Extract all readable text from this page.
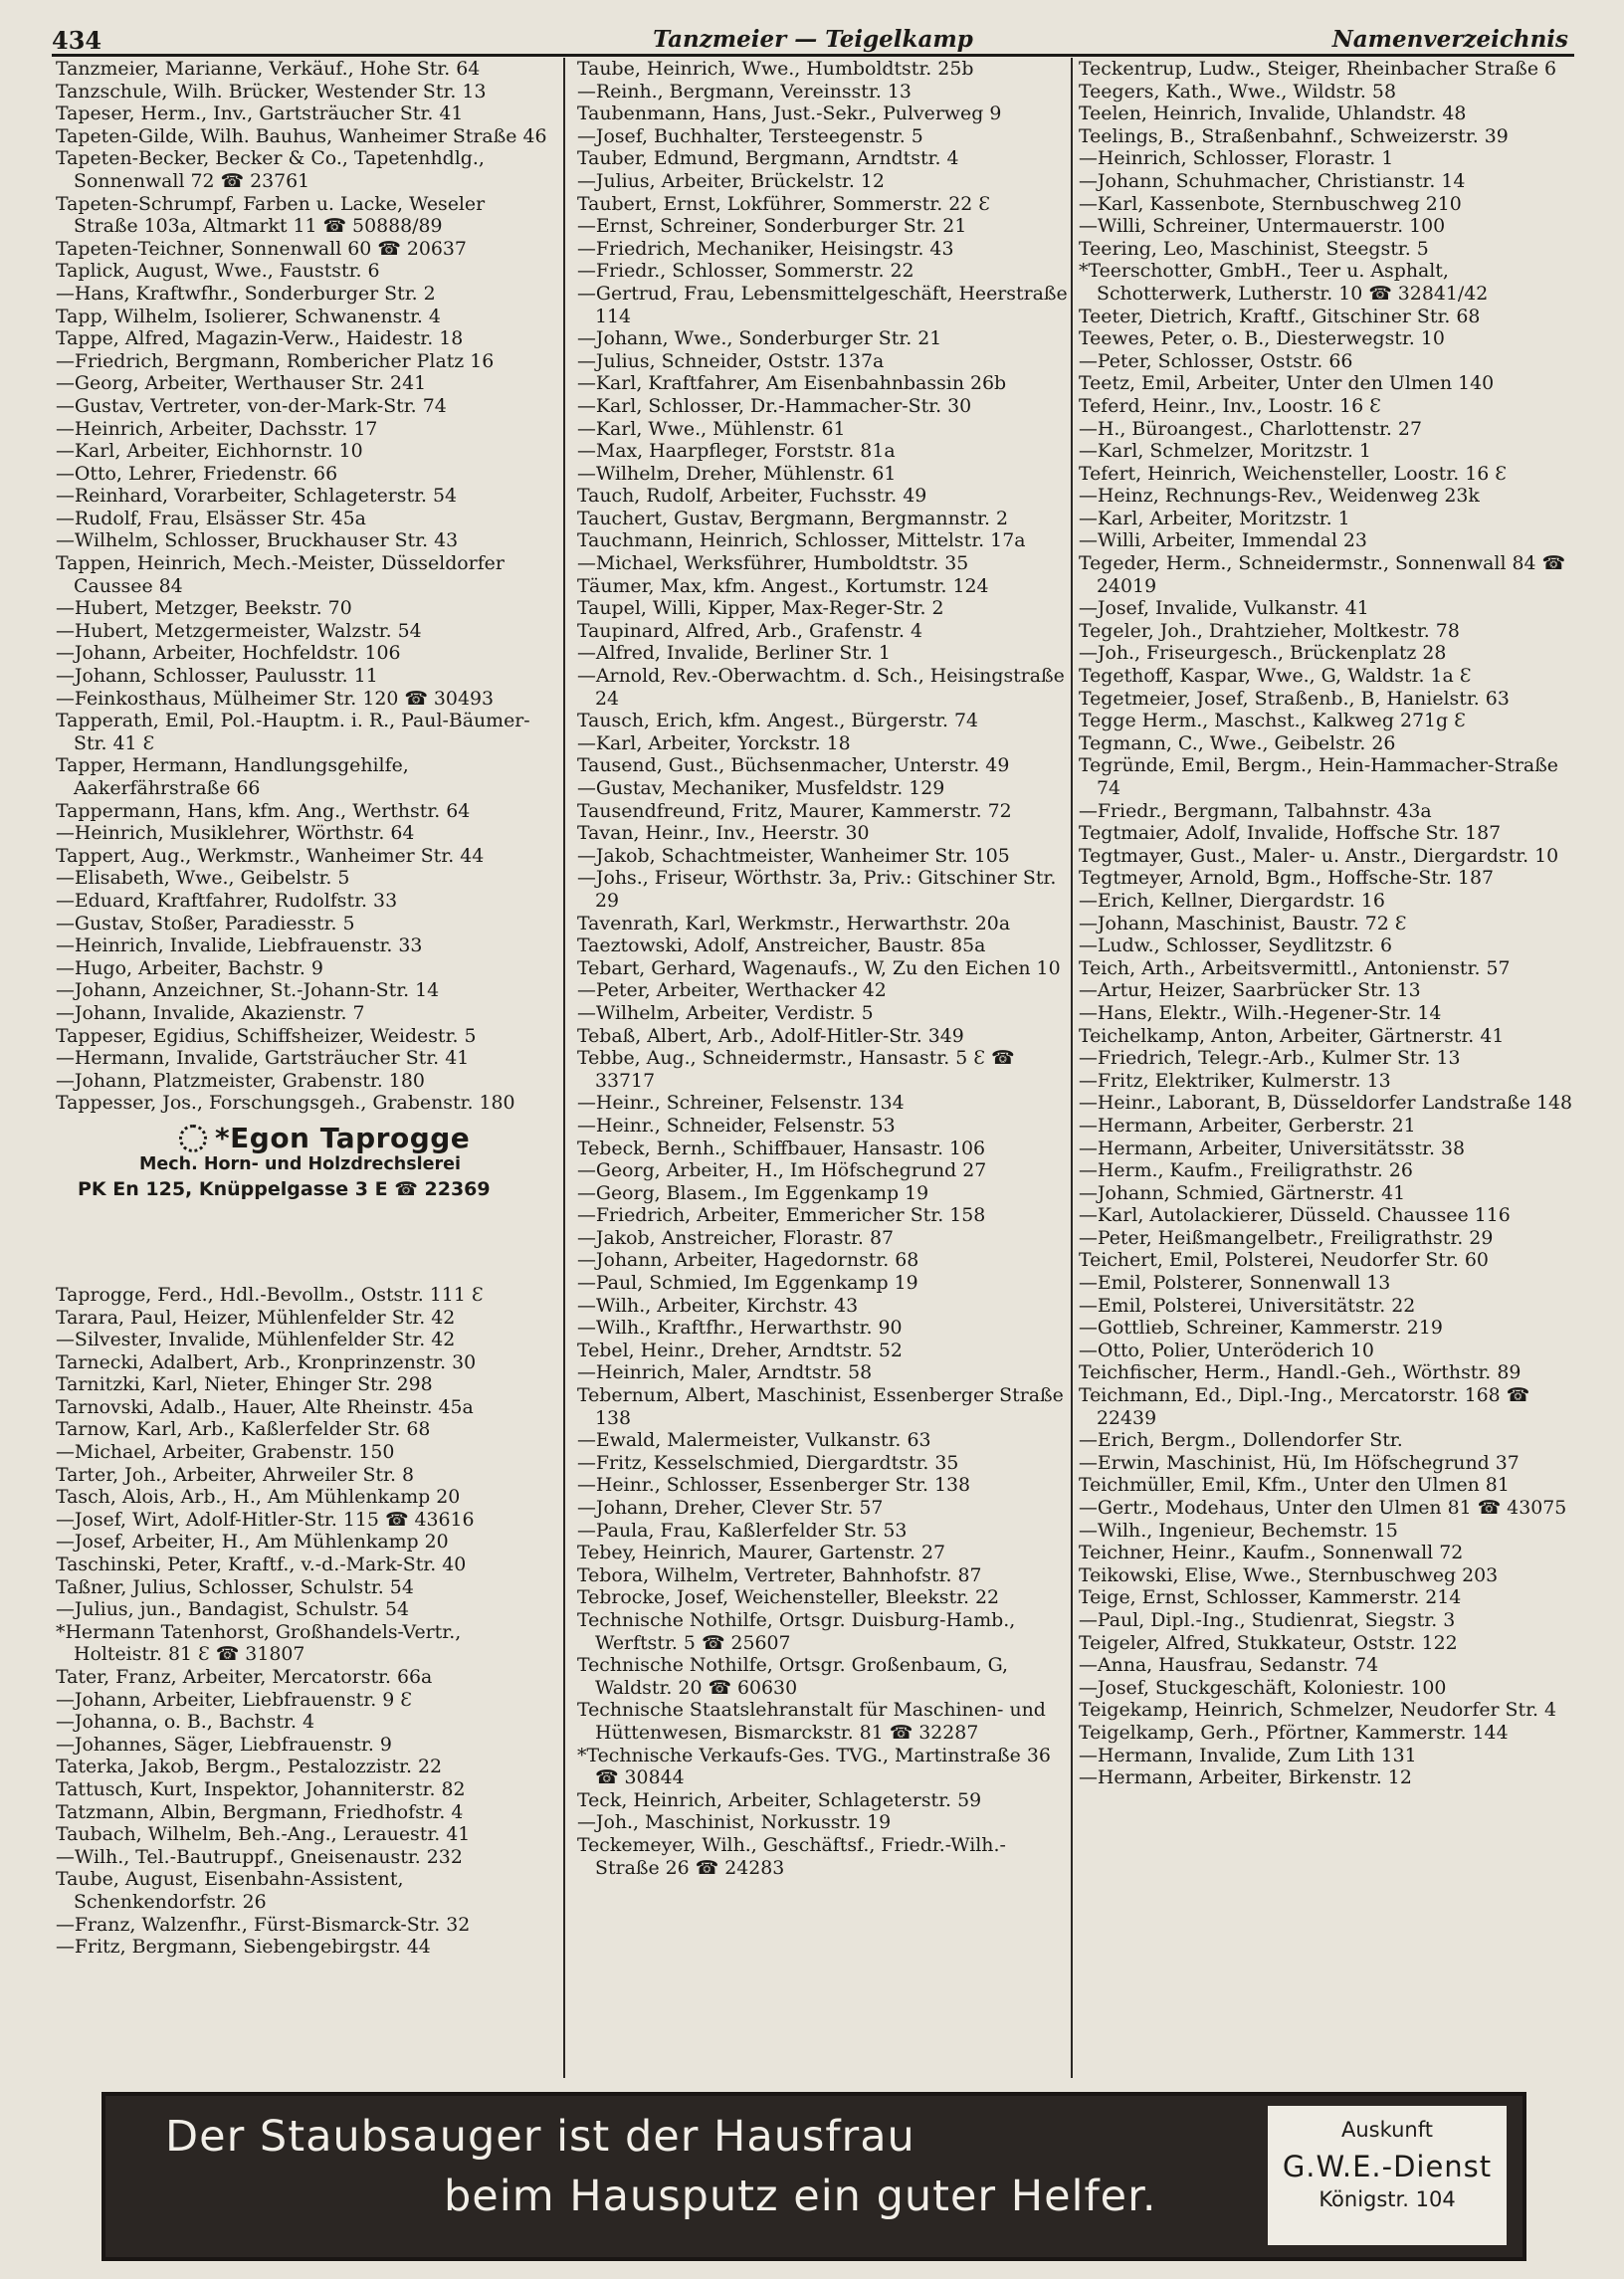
434	Tanzmeier — Teigelkamp	Namenverzeichnis
Tanzmeier, Marianne, Verkäuf., Hohe Str. 64
Tanzschule, Wilh. Brücker, Westender Str. 13
Tapeser, Herm., Inv., Gartsträucher Str. 41
Tapeten-Gilde, Wilh. Bauhus, Wanheimer Straße 46
Tapeten-Becker, Becker & Co., Tapetenhdlg., Sonnenwall 72 ☎ 23761
Tapeten-Schrumpf, Farben u. Lacke, Weseler Straße 103a, Altmarkt 11 ☎ 50888/89
Tapeten-Teichner, Sonnenwall 60 ☎ 20637
Taplick, August, Wwe., Fauststr. 6
—Hans, Kraftwfhr., Sonderburger Str. 2
Tapp, Wilhelm, Isolierer, Schwanenstr. 4
Tappe, Alfred, Magazin-Verw., Haidestr. 18
—Friedrich, Bergmann, Rombericher Platz 16
—Georg, Arbeiter, Werthauser Str. 241
—Gustav, Vertreter, von-der-Mark-Str. 74
—Heinrich, Arbeiter, Dachsstr. 17
—Karl, Arbeiter, Eichhornstr. 10
—Otto, Lehrer, Friedenstr. 66
—Reinhard, Vorarbeiter, Schlageterstr. 54
—Rudolf, Frau, Elsässer Str. 45a
—Wilhelm, Schlosser, Bruckhauser Str. 43
Tappen, Heinrich, Mech.-Meister, Düsseldorfer Caussee 84
—Hubert, Metzger, Beekstr. 70
—Hubert, Metzgermeister, Walzstr. 54
—Johann, Arbeiter, Hochfeldstr. 106
—Johann, Schlosser, Paulusstr. 11
—Feinkosthaus, Mülheimer Str. 120 ☎ 30493
Tapperath, Emil, Pol.-Hauptm. i. R., Paul-Bäumer-Str. 41 Ɛ
Tapper, Hermann, Handlungsgehilfe, Aakerfährstraße 66
Tappermann, Hans, kfm. Ang., Werthstr. 64
—Heinrich, Musiklehrer, Wörthstr. 64
Tappert, Aug., Werkmstr., Wanheimer Str. 44
—Elisabeth, Wwe., Geibelstr. 5
—Eduard, Kraftfahrer, Rudolfstr. 33
—Gustav, Stoßer, Paradiesstr. 5
—Heinrich, Invalide, Liebfrauenstr. 33
—Hugo, Arbeiter, Bachstr. 9
—Johann, Anzeichner, St.-Johann-Str. 14
—Johann, Invalide, Akazienstr. 7
Tappeser, Egidius, Schiffsheizer, Weidestr. 5
—Hermann, Invalide, Gartsträucher Str. 41
—Johann, Platzmeister, Grabenstr. 180
Tappesser, Jos., Forschungsgeh., Grabenstr. 180
*Egon Taprogge
Mech. Horn- und Holzdrechslerei
PK En 125, Knüppelgasse 3 E ☎ 22369
Taprogge, Ferd., Hdl.-Bevollm., Oststr. 111 Ɛ
Tarara, Paul, Heizer, Mühlenfelder Str. 42
—Silvester, Invalide, Mühlenfelder Str. 42
Tarnecki, Adalbert, Arb., Kronprinzenstr. 30
Tarnitzki, Karl, Nieter, Ehinger Str. 298
Tarnovski, Adalb., Hauer, Alte Rheinstr. 45a
Tarnow, Karl, Arb., Kaßlerfelder Str. 68
—Michael, Arbeiter, Grabenstr. 150
Tarter, Joh., Arbeiter, Ahrweiler Str. 8
Tasch, Alois, Arb., H., Am Mühlenkamp 20
—Josef, Wirt, Adolf-Hitler-Str. 115 ☎ 43616
—Josef, Arbeiter, H., Am Mühlenkamp 20
Taschinski, Peter, Kraftf., v.-d.-Mark-Str. 40
Taßner, Julius, Schlosser, Schulstr. 54
—Julius, jun., Bandagist, Schulstr. 54
*Hermann Tatenhorst, Großhandels-Vertr., Holteistr. 81 Ɛ ☎ 31807
Tater, Franz, Arbeiter, Mercatorstr. 66a
—Johann, Arbeiter, Liebfrauenstr. 9 Ɛ
—Johanna, o. B., Bachstr. 4
—Johannes, Säger, Liebfrauenstr. 9
Taterka, Jakob, Bergm., Pestalozzistr. 22
Tattusch, Kurt, Inspektor, Johanniterstr. 82
Tatzmann, Albin, Bergmann, Friedhofstr. 4
Taubach, Wilhelm, Beh.-Ang., Lerauestr. 41
—Wilh., Tel.-Bautruppf., Gneisenaustr. 232
Taube, August, Eisenbahn-Assistent, Schenkendorfstr. 26
—Franz, Walzenfhr., Fürst-Bismarck-Str. 32
—Fritz, Bergmann, Siebengebirgstr. 44
Taube, Heinrich, Wwe., Humboldtstr. 25b
—Reinh., Bergmann, Vereinsstr. 13
Taubenmann, Hans, Just.-Sekr., Pulverweg 9
—Josef, Buchhalter, Tersteegenstr. 5
Tauber, Edmund, Bergmann, Arndtstr. 4
—Julius, Arbeiter, Brückelstr. 12
Taubert, Ernst, Lokführer, Sommerstr. 22 Ɛ
—Ernst, Schreiner, Sonderburger Str. 21
—Friedrich, Mechaniker, Heisingstr. 43
—Friedr., Schlosser, Sommerstr. 22
—Gertrud, Frau, Lebensmittelgeschäft, Heerstraße 114
—Johann, Wwe., Sonderburger Str. 21
—Julius, Schneider, Oststr. 137a
—Karl, Kraftfahrer, Am Eisenbahnbassin 26b
—Karl, Schlosser, Dr.-Hammacher-Str. 30
—Karl, Wwe., Mühlenstr. 61
—Max, Haarpfleger, Forststr. 81a
—Wilhelm, Dreher, Mühlenstr. 61
Tauch, Rudolf, Arbeiter, Fuchsstr. 49
Tauchert, Gustav, Bergmann, Bergmannstr. 2
Tauchmann, Heinrich, Schlosser, Mittelstr. 17a
—Michael, Werksführer, Humboldtstr. 35
Täumer, Max, kfm. Angest., Kortumstr. 124
Taupel, Willi, Kipper, Max-Reger-Str. 2
Taupinard, Alfred, Arb., Grafenstr. 4
—Alfred, Invalide, Berliner Str. 1
—Arnold, Rev.-Oberwachtm. d. Sch., Heisingstraße 24
Tausch, Erich, kfm. Angest., Bürgerstr. 74
—Karl, Arbeiter, Yorckstr. 18
Tausend, Gust., Büchsenmacher, Unterstr. 49
—Gustav, Mechaniker, Musfeldstr. 129
Tausendfreund, Fritz, Maurer, Kammerstr. 72
Tavan, Heinr., Inv., Heerstr. 30
—Jakob, Schachtmeister, Wanheimer Str. 105
—Johs., Friseur, Wörthstr. 3a, Priv.: Gitschiner Str. 29
Tavenrath, Karl, Werkmstr., Herwarthstr. 20a
Taeztowski, Adolf, Anstreicher, Baustr. 85a
Tebart, Gerhard, Wagenaufs., W, Zu den Eichen 10
—Peter, Arbeiter, Werthacker 42
—Wilhelm, Arbeiter, Verdistr. 5
Tebaß, Albert, Arb., Adolf-Hitler-Str. 349
Tebbe, Aug., Schneidermstr., Hansastr. 5 Ɛ ☎ 33717
—Heinr., Schreiner, Felsenstr. 134
—Heinr., Schneider, Felsenstr. 53
Tebeck, Bernh., Schiffbauer, Hansastr. 106
—Georg, Arbeiter, H., Im Höfschegrund 27
—Georg, Blasem., Im Eggenkamp 19
—Friedrich, Arbeiter, Emmericher Str. 158
—Jakob, Anstreicher, Florastr. 87
—Johann, Arbeiter, Hagedornstr. 68
—Paul, Schmied, Im Eggenkamp 19
—Wilh., Arbeiter, Kirchstr. 43
—Wilh., Kraftfhr., Herwarthstr. 90
Tebel, Heinr., Dreher, Arndtstr. 52
—Heinrich, Maler, Arndtstr. 58
Tebernum, Albert, Maschinist, Essenberger Straße 138
—Ewald, Malermeister, Vulkanstr. 63
—Fritz, Kesselschmied, Diergardtstr. 35
—Heinr., Schlosser, Essenberger Str. 138
—Johann, Dreher, Clever Str. 57
—Paula, Frau, Kaßlerfelder Str. 53
Tebey, Heinrich, Maurer, Gartenstr. 27
Tebora, Wilhelm, Vertreter, Bahnhofstr. 87
Tebrocke, Josef, Weichensteller, Bleekstr. 22
Technische Nothilfe, Ortsgr. Duisburg-Hamb., Werftstr. 5 ☎ 25607
Technische Nothilfe, Ortsgr. Großenbaum, G, Waldstr. 20 ☎ 60630
Technische Staatslehranstalt für Maschinen- und Hüttenwesen, Bismarckstr. 81 ☎ 32287
*Technische Verkaufs-Ges. TVG., Martinstraße 36 ☎ 30844
Teck, Heinrich, Arbeiter, Schlageterstr. 59
—Joh., Maschinist, Norkusstr. 19
Teckemeyer, Wilh., Geschäftsf., Friedr.-Wilh.-Straße 26 ☎ 24283
Teckentrup, Ludw., Steiger, Rheinbacher Straße 6
Teegers, Kath., Wwe., Wildstr. 58
Teelen, Heinrich, Invalide, Uhlandstr. 48
Teelings, B., Straßenbahnf., Schweizerstr. 39
—Heinrich, Schlosser, Florastr. 1
—Johann, Schuhmacher, Christianstr. 14
—Karl, Kassenbote, Sternbuschweg 210
—Willi, Schreiner, Untermauerstr. 100
Teering, Leo, Maschinist, Steegstr. 5
*Teerschotter, GmbH., Teer u. Asphalt, Schotterwerk, Lutherstr. 10 ☎ 32841/42
Teeter, Dietrich, Kraftf., Gitschiner Str. 68
Teewes, Peter, o. B., Diesterwegstr. 10
—Peter, Schlosser, Oststr. 66
Teetz, Emil, Arbeiter, Unter den Ulmen 140
Teferd, Heinr., Inv., Loostr. 16 Ɛ
—H., Büroangest., Charlottenstr. 27
—Karl, Schmelzer, Moritzstr. 1
Tefert, Heinrich, Weichensteller, Loostr. 16 Ɛ
—Heinz, Rechnungs-Rev., Weidenweg 23k
—Karl, Arbeiter, Moritzstr. 1
—Willi, Arbeiter, Immendal 23
Tegeder, Herm., Schneidermstr., Sonnenwall 84 ☎ 24019
—Josef, Invalide, Vulkanstr. 41
Tegeler, Joh., Drahtzieher, Moltkestr. 78
—Joh., Friseurgesch., Brückenplatz 28
Tegethoff, Kaspar, Wwe., G, Waldstr. 1a Ɛ
Tegetmeier, Josef, Straßenb., B, Hanielstr. 63
Tegge Herm., Maschst., Kalkweg 271g Ɛ
Tegmann, C., Wwe., Geibelstr. 26
Tegründe, Emil, Bergm., Hein-Hammacher-Straße 74
—Friedr., Bergmann, Talbahnstr. 43a
Tegtmaier, Adolf, Invalide, Hoffsche Str. 187
Tegtmayer, Gust., Maler- u. Anstr., Diergardstr. 10
Tegtmeyer, Arnold, Bgm., Hoffsche-Str. 187
—Erich, Kellner, Diergardstr. 16
—Johann, Maschinist, Baustr. 72 Ɛ
—Ludw., Schlosser, Seydlitzstr. 6
Teich, Arth., Arbeitsvermittl., Antonienstr. 57
—Artur, Heizer, Saarbrücker Str. 13
—Hans, Elektr., Wilh.-Hegener-Str. 14
Teichelkamp, Anton, Arbeiter, Gärtnerstr. 41
—Friedrich, Telegr.-Arb., Kulmer Str. 13
—Fritz, Elektriker, Kulmerstr. 13
—Heinr., Laborant, B, Düsseldorfer Landstraße 148
—Hermann, Arbeiter, Gerberstr. 21
—Hermann, Arbeiter, Universitätsstr. 38
—Herm., Kaufm., Freiligrathstr. 26
—Johann, Schmied, Gärtnerstr. 41
—Karl, Autolackierer, Düsseld. Chaussee 116
—Peter, Heißmangelbetr., Freiligrathstr. 29
Teichert, Emil, Polsterei, Neudorfer Str. 60
—Emil, Polsterer, Sonnenwall 13
—Emil, Polsterei, Universitätstr. 22
—Gottlieb, Schreiner, Kammerstr. 219
—Otto, Polier, Unteröderich 10
Teichfischer, Herm., Handl.-Geh., Wörthstr. 89
Teichmann, Ed., Dipl.-Ing., Mercatorstr. 168 ☎ 22439
—Erich, Bergm., Dollendorfer Str.
—Erwin, Maschinist, Hü, Im Höfschegrund 37
Teichmüller, Emil, Kfm., Unter den Ulmen 81
—Gertr., Modehaus, Unter den Ulmen 81 ☎ 43075
—Wilh., Ingenieur, Bechemstr. 15
Teichner, Heinr., Kaufm., Sonnenwall 72
Teikowski, Elise, Wwe., Sternbuschweg 203
Teige, Ernst, Schlosser, Kammerstr. 214
—Paul, Dipl.-Ing., Studienrat, Siegstr. 3
Teigeler, Alfred, Stukkateur, Oststr. 122
—Anna, Hausfrau, Sedanstr. 74
—Josef, Stuckgeschäft, Koloniestr. 100
Teigekamp, Heinrich, Schmelzer, Neudorfer Str. 4
Teigelkamp, Gerh., Pförtner, Kammerstr. 144
—Hermann, Invalide, Zum Lith 131
—Hermann, Arbeiter, Birkenstr. 12
Der Staubsauger ist der Hausfrau
beim Hausputz ein guter Helfer.
Auskunft
G.W.E.-Dienst
Königstr. 104
